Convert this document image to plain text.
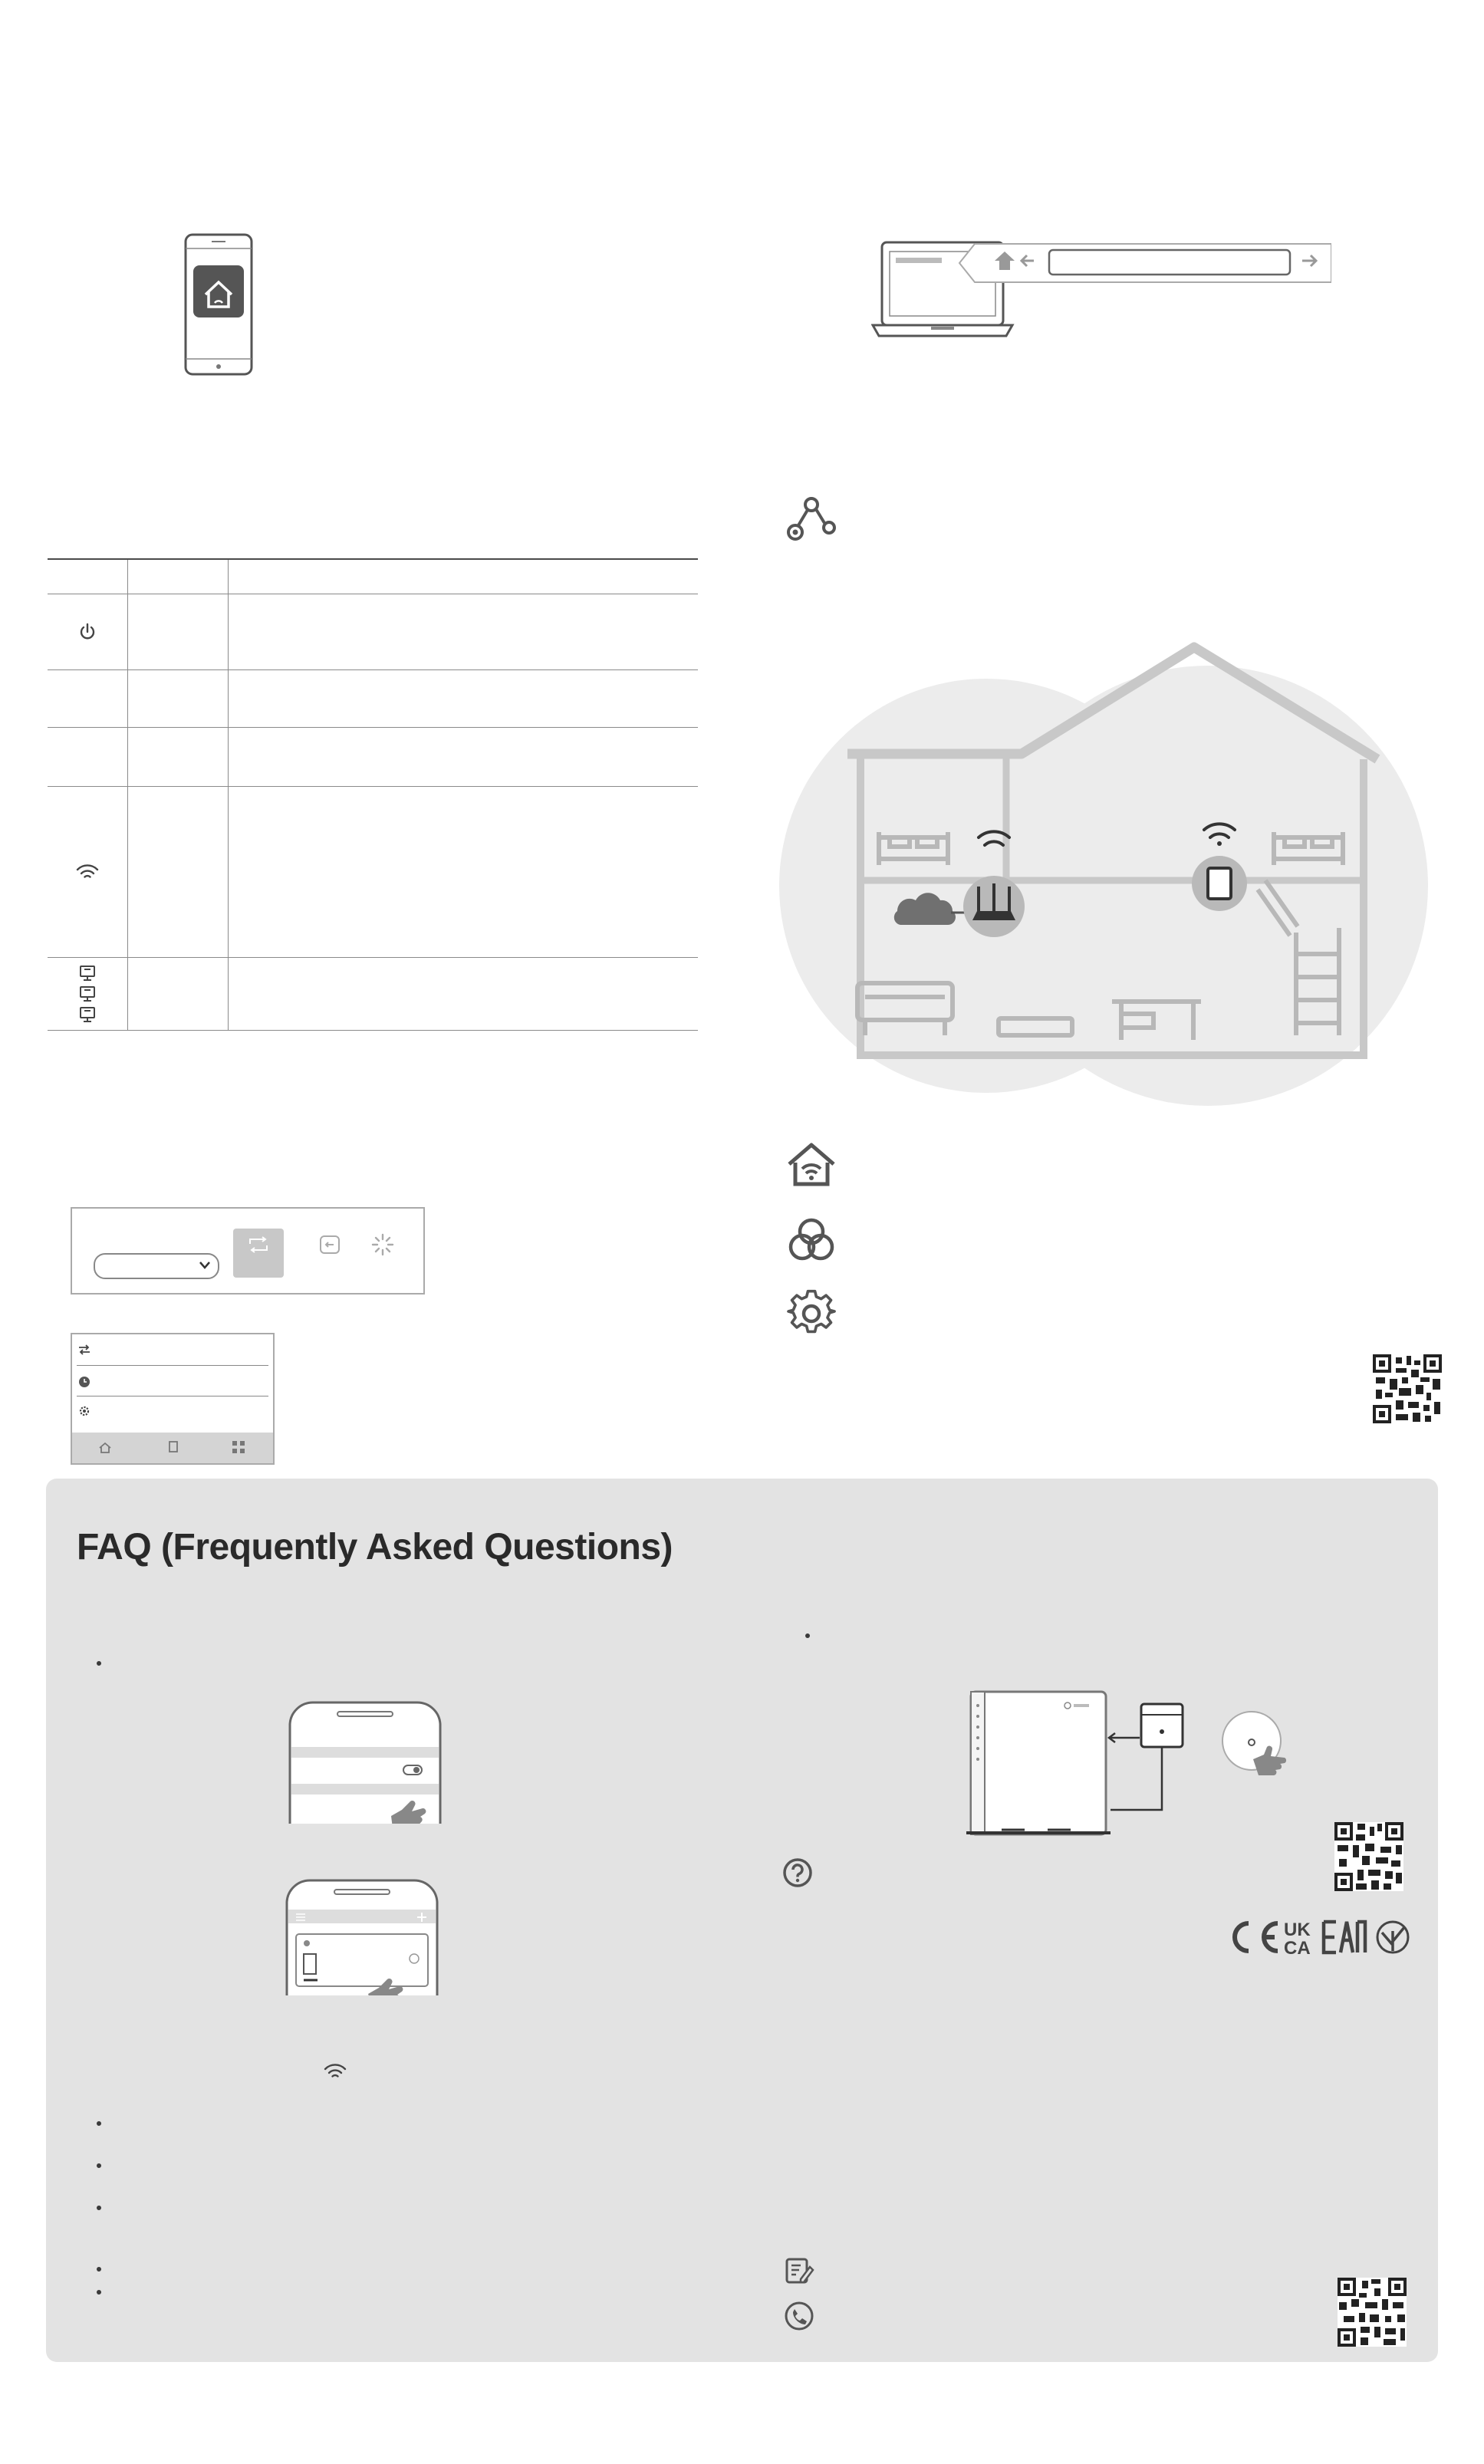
FAQ (Frequently Asked Questions)
UK
CA
